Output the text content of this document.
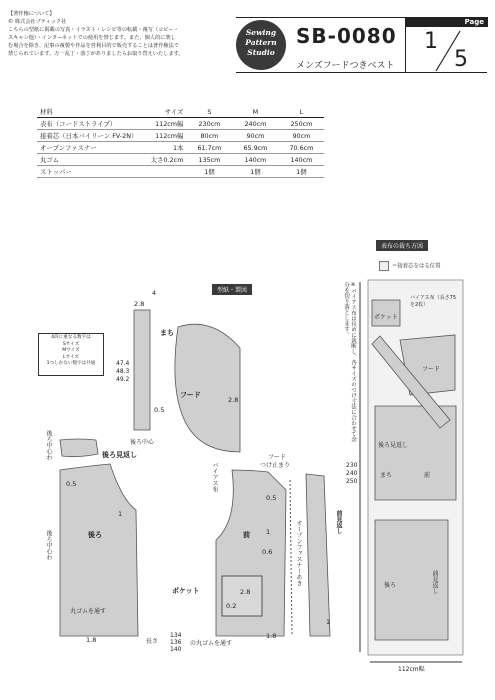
【著作権について】
© 株式会社ブティック社
こちらの型紙に掲載の写真・イラスト・レシピ等の転載・複写（コピー・
スキャン他）・インターネットでの使用を禁じます。また、個人的に楽し
む場合を除き、記事の複製や作品を営利目的で販売することは著作権法で
禁じられています。万一乱丁・落丁がありましたらお取り替えいたします。
Sewing
Pattern
Studio
SB-0080
メンズフードつきベスト
Page
1
5
材料	サイズ	S	M	L
表布（コードストライプ）	112cm幅	230cm	240cm	250cm
接着芯（日本バイリーン FV-2N）	112cm幅	80cm	90cm	90cm
オープンファスナー	1本	61.7cm	65.9cm	70.6cm
丸ゴム	太さ0.2cm	135cm	140cm	140cm
ストッパー		1個	1個	1個
型紙・製図
表布の裁ち方図
4段に重なる数字は
Sサイズ
Mサイズ
Lサイズ
1つしかない数字は共通
まち
フード
後ろ中心
後ろ見返し
後ろ中心わ
後ろ中心わ	後ろ
丸ゴムを通す
前
前見返し
ポケット
バイアス布
フード
つけ止まり
オープンファスナーあき
47.4
48.3
49.2
長さ
134
136
140
の丸ゴムを通す
4
2.8
0.5
2.8
0.5
1
1.8
0.5
1
0.6
2.8
0.2
1.8
1
＝接着芯をはる位置
※バイアス布は長めに裁断し、各サイズのつけ寸法に合わせて余分を切り落とします。	ポケット
バイアス布（長さ75を2枚）
フード
後ろ見返し
前
まち
後ろ	前見返し
112cm幅
230
240
250
